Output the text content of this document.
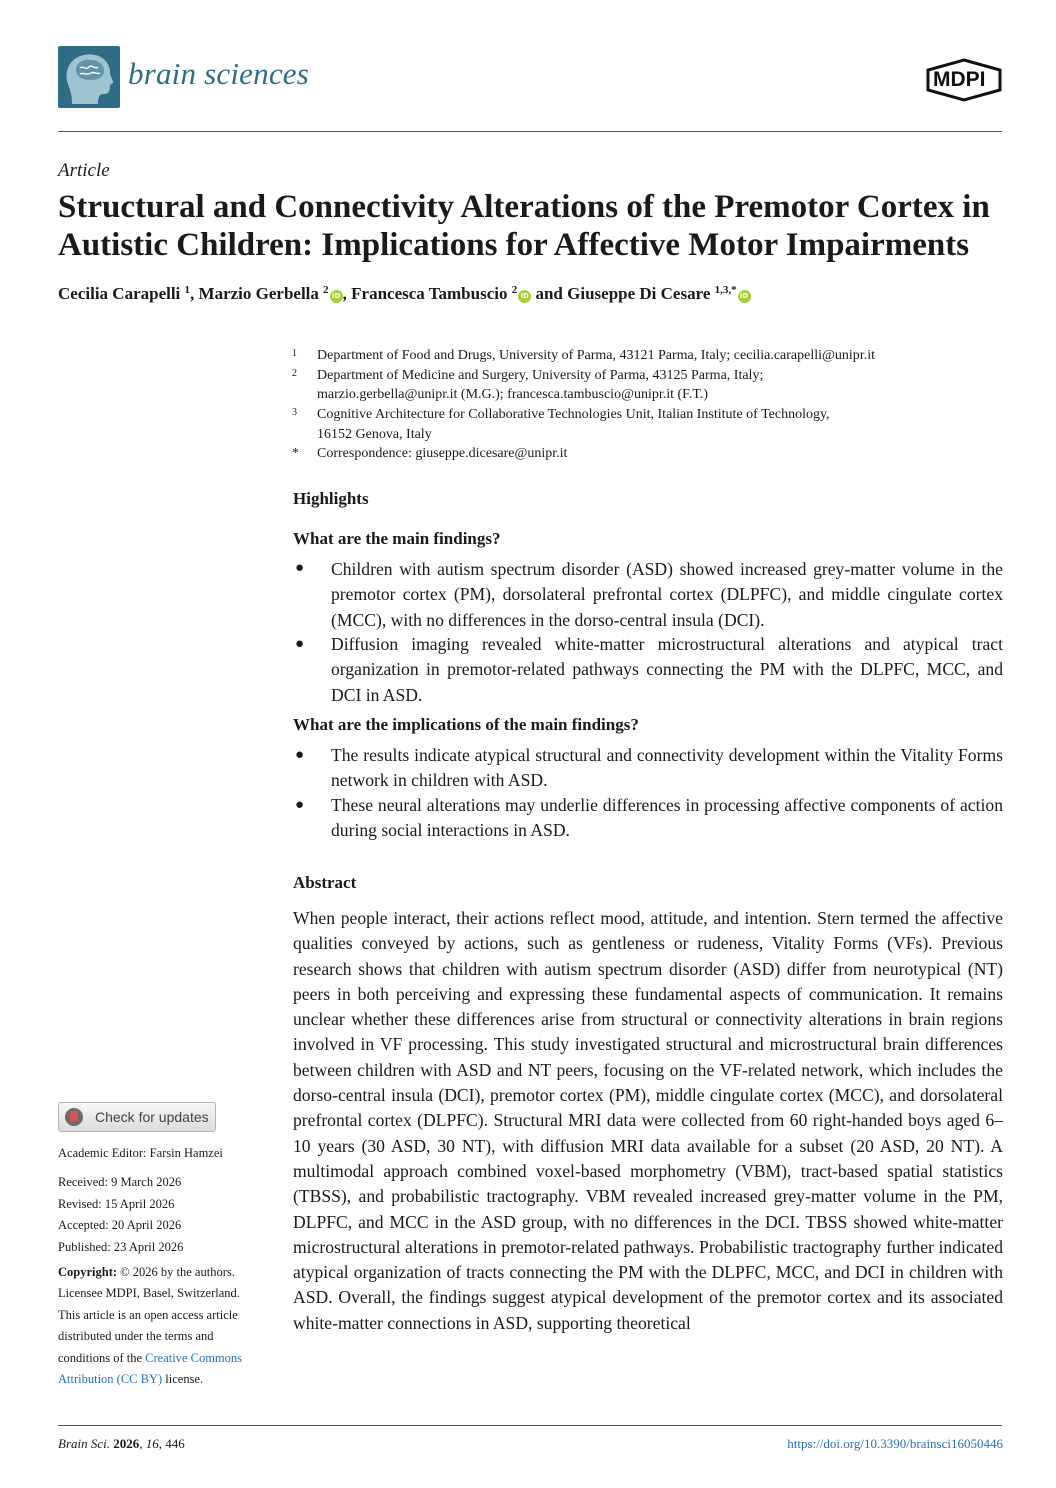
brain sciences	MDPI
Article
Structural and Connectivity Alterations of the Premotor Cortex in Autistic Children: Implications for Affective Motor Impairments
Cecilia Carapelli $^1$, Marzio Gerbella $^2$ iD , Francesca Tambuscio $^2$ iD and Giuseppe Di Cesare $^{1,3,*}$ iD
1 Department of Food and Drugs, University of Parma, 43121 Parma, Italy; cecilia.carapelli@unipr.it
2 Department of Medicine and Surgery, University of Parma, 43125 Parma, Italy;
marzio.gerbella@unipr.it (M.G.); francesca.tambuscio@unipr.it (F.T.)
3 Cognitive Architecture for Collaborative Technologies Unit, Italian Institute of Technology,
16152 Genova, Italy
* Correspondence: giuseppe.dicesare@unipr.it
Highlights
What are the main findings?
● Children with autism spectrum disorder (ASD) showed increased grey-matter volume in the premotor cortex (PM), dorsolateral prefrontal cortex (DLPFC), and middle cingulate cortex (MCC), with no differences in the dorso-central insula (DCI).
● Diffusion imaging revealed white-matter microstructural alterations and atypical tract organization in premotor-related pathways connecting the PM with the DLPFC, MCC, and DCI in ASD.
What are the implications of the main findings?
● The results indicate atypical structural and connectivity development within the Vitality Forms network in children with ASD.
● These neural alterations may underlie differences in processing affective components of action during social interactions in ASD.
Abstract
When people interact, their actions reflect mood, attitude, and intention. Stern termed the affective qualities conveyed by actions, such as gentleness or rudeness, Vitality Forms (VFs). Previous research shows that children with autism spectrum disorder (ASD) differ from neurotypical (NT) peers in both perceiving and expressing these fundamental aspects of communication. It remains unclear whether these differences arise from structural or connectivity alterations in brain regions involved in VF processing. This study investigated structural and microstructural brain differences between children with ASD and NT peers, focusing on the VF-related network, which includes the dorso-central insula (DCI), premotor cortex (PM), middle cingulate cortex (MCC), and dorsolateral prefrontal cortex (DLPFC). Structural MRI data were collected from 60 right-handed boys aged 6–10 years (30 ASD, 30 NT), with diffusion MRI data available for a subset (20 ASD, 20 NT). A multimodal approach combined voxel-based morphometry (VBM), tract-based spatial statistics (TBSS), and probabilistic tractography. VBM revealed increased grey-matter volume in the PM, DLPFC, and MCC in the ASD group, with no differences in the DCI. TBSS showed white-matter microstructural alterations in premotor-related pathways. Probabilistic tractography further indicated atypical organization of tracts connecting the PM with the DLPFC, MCC, and DCI in children with ASD. Overall, the findings suggest atypical development of the premotor cortex and its associated white-matter connections in ASD, supporting theoretical
Check for updates
Academic Editor: Farsin Hamzei
Received: 9 March 2026
Revised: 15 April 2026
Accepted: 20 April 2026
Published: 23 April 2026
Copyright: © 2026 by the authors.
Licensee MDPI, Basel, Switzerland.
This article is an open access article
distributed under the terms and
conditions of the Creative Commons
Attribution (CC BY) license.
Brain Sci. 2026, 16, 446	https://doi.org/10.3390/brainsci16050446
